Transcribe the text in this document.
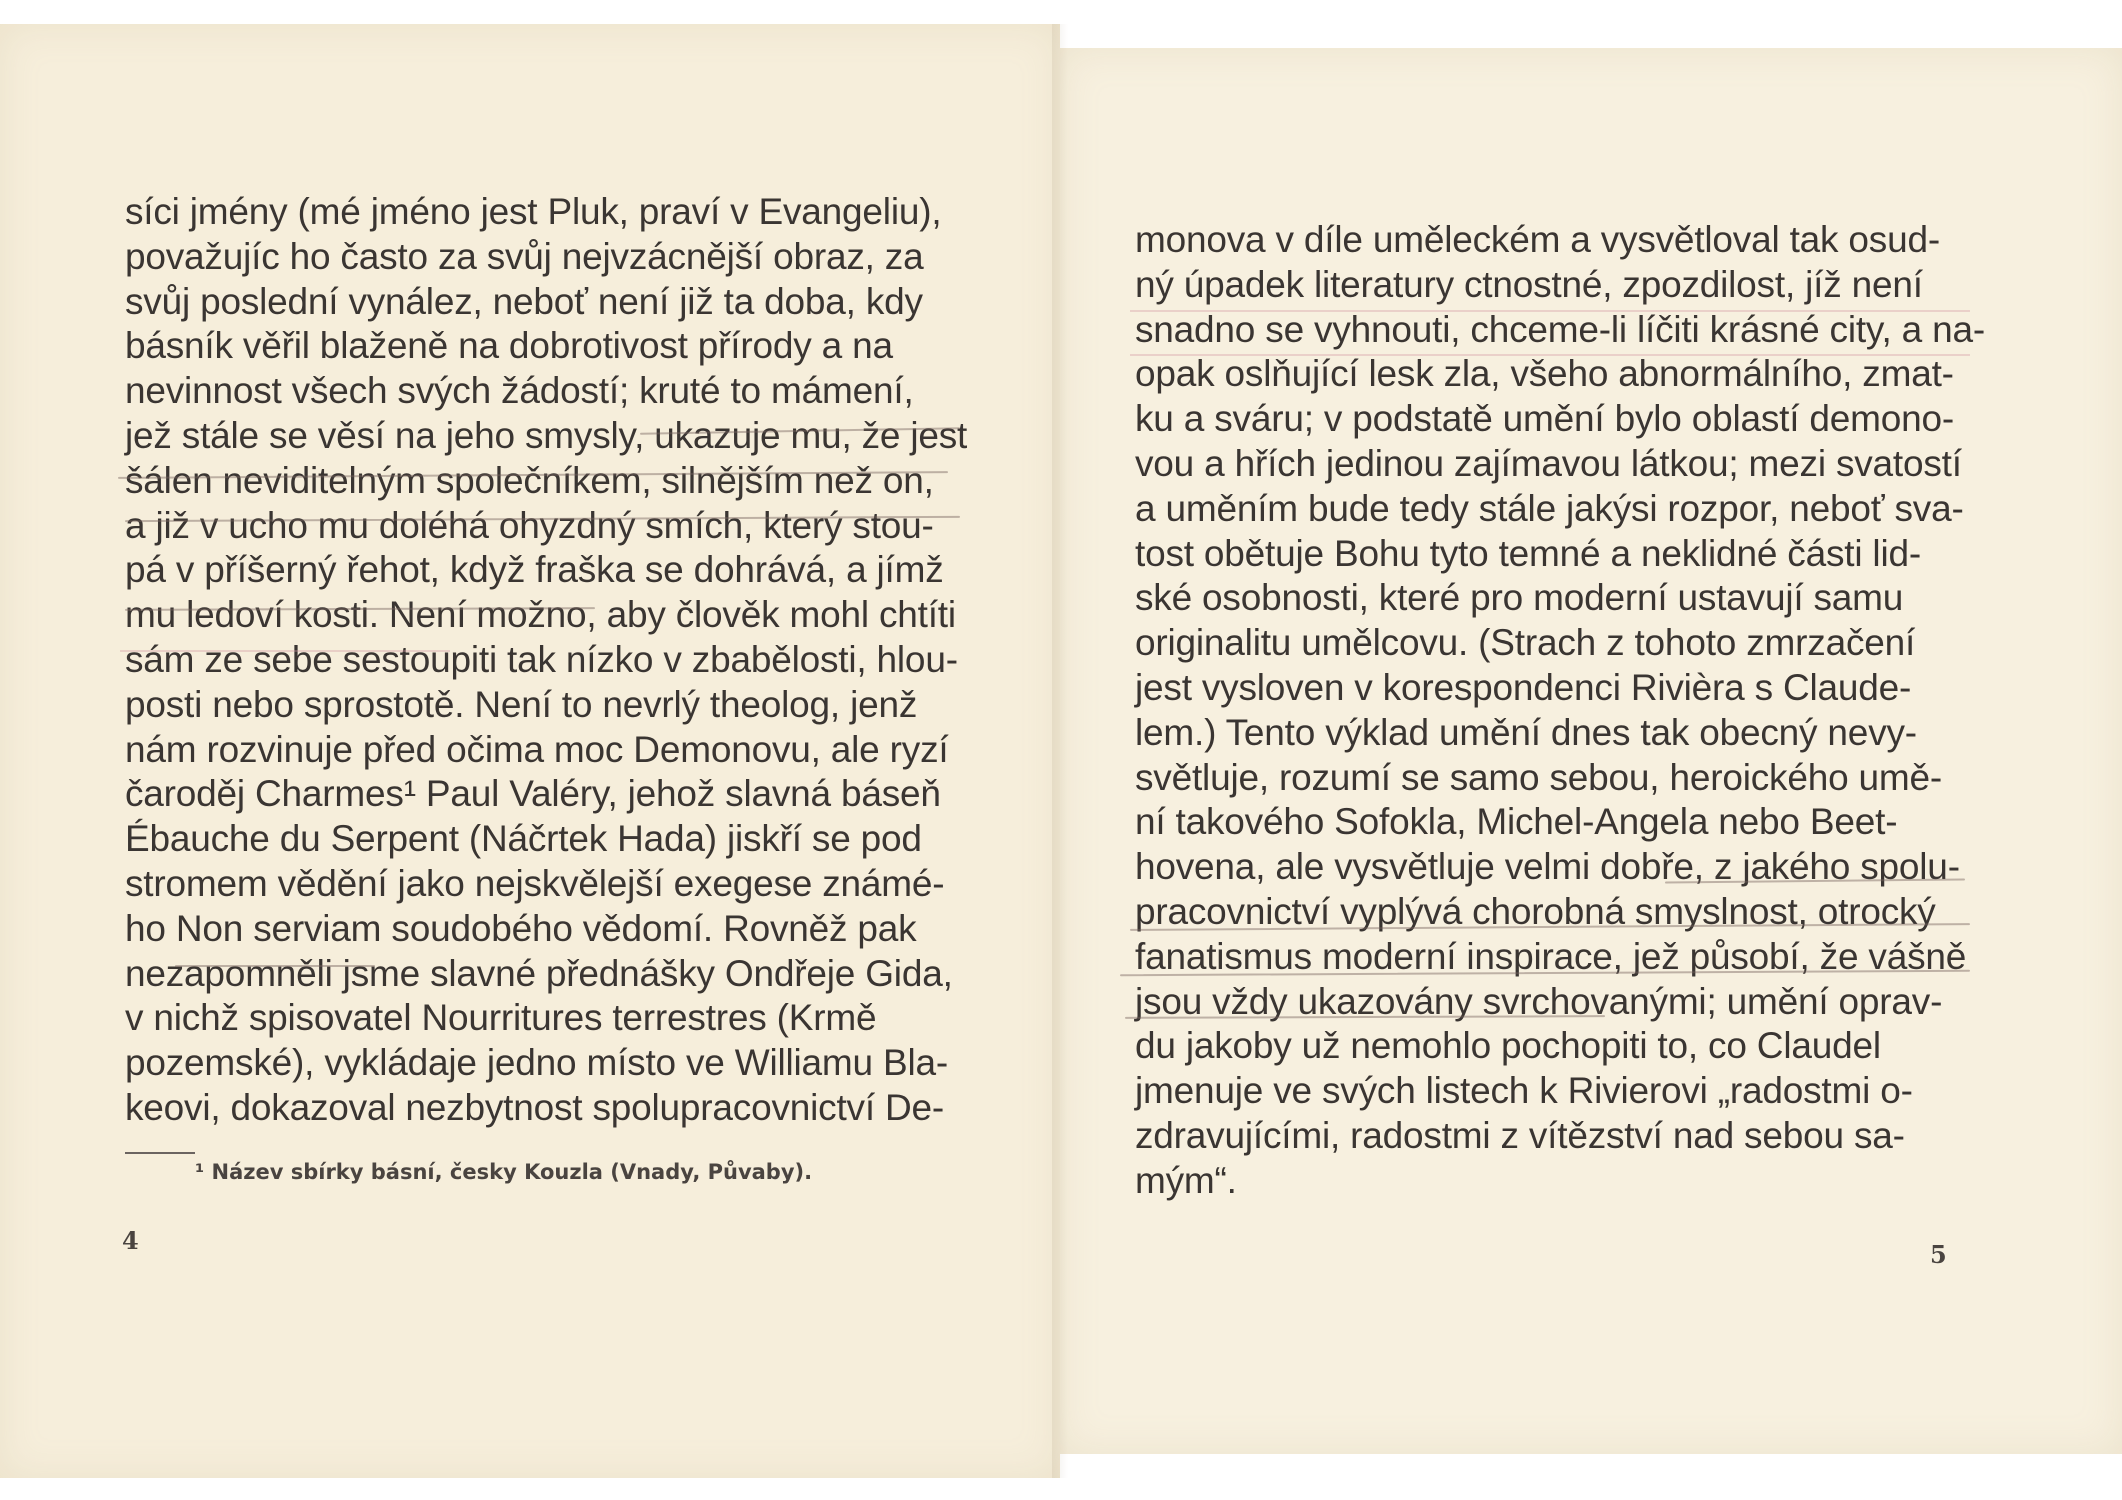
síci jmény (mé jméno jest Pluk, praví v Evangeliu),
považujíc ho často za svůj nejvzácnější obraz, za
svůj poslední vynález, neboť není již ta doba, kdy
básník věřil blaženě na dobrotivost přírody a na
nevinnost všech svých žádostí; kruté to mámení,
jež stále se věsí na jeho smysly, ukazuje mu, že jest
šálen neviditelným společníkem, silnějším než on,
a již v ucho mu doléhá ohyzdný smích, který stou-
pá v příšerný řehot, když fraška se dohrává, a jímž
mu ledoví kosti. Není možno, aby člověk mohl chtíti
sám ze sebe sestoupiti tak nízko v zbabělosti, hlou-
posti nebo sprostotě. Není to nevrlý theolog, jenž
nám rozvinuje před očima moc Demonovu, ale ryzí
čaroděj Charmes¹ Paul Valéry, jehož slavná báseň
Ébauche du Serpent (Náčrtek Hada) jiskří se pod
stromem vědění jako nejskvělejší exegese známé-
ho Non serviam soudobého vědomí. Rovněž pak
nezapomněli jsme slavné přednášky Ondřeje Gida,
v nichž spisovatel Nourritures terrestres (Krmě
pozemské), vykládaje jedno místo ve Williamu Bla-
keovi, dokazoval nezbytnost spolupracovnictví De-
¹ Název sbírky básní, česky Kouzla (Vnady, Půvaby).
4
monova v díle uměleckém a vysvětloval tak osud-
ný úpadek literatury ctnostné, zpozdilost, jíž není
snadno se vyhnouti, chceme-li líčiti krásné city, a na-
opak oslňující lesk zla, všeho abnormálního, zmat-
ku a sváru; v podstatě umění bylo oblastí demono-
vou a hřích jedinou zajímavou látkou; mezi svatostí
a uměním bude tedy stále jakýsi rozpor, neboť sva-
tost obětuje Bohu tyto temné a neklidné části lid-
ské osobnosti, které pro moderní ustavují samu
originalitu umělcovu. (Strach z tohoto zmrzačení
jest vysloven v korespondenci Rivièra s Claude-
lem.) Tento výklad umění dnes tak obecný nevy-
světluje, rozumí se samo sebou, heroického umě-
ní takového Sofokla, Michel-Angela nebo Beet-
hovena, ale vysvětluje velmi dobře, z jakého spolu-
pracovnictví vyplývá chorobná smyslnost, otrocký
fanatismus moderní inspirace, jež působí, že vášně
jsou vždy ukazovány svrchovanými; umění oprav-
du jakoby už nemohlo pochopiti to, co Claudel
jmenuje ve svých listech k Rivierovi „radostmi o-
zdravujícími, radostmi z vítězství nad sebou sa-
mým“.
5
